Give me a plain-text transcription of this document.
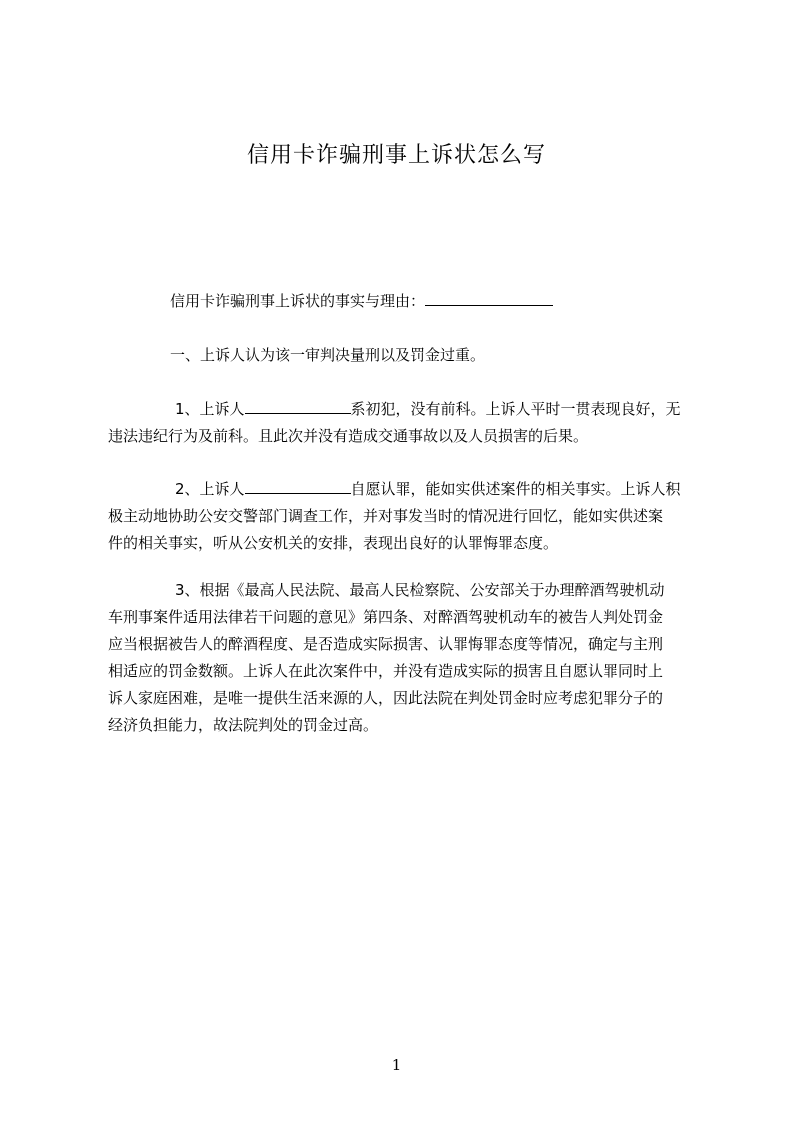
信用卡诈骗刑事上诉状怎么写
信用卡诈骗刑事上诉状的事实与理由：
一、上诉人认为该一审判决量刑以及罚金过重。
1、上诉人	系初犯，没有前科。上诉人平时一贯表现良好，无
违法违纪行为及前科。且此次并没有造成交通事故以及人员损害的后果。
2、上诉人	自愿认罪，能如实供述案件的相关事实。上诉人积
极主动地协助公安交警部门调查工作，并对事发当时的情况进行回忆，能如实供述案
件的相关事实，听从公安机关的安排，表现出良好的认罪悔罪态度。
3、根据《最高人民法院、最高人民检察院、公安部关于办理醉酒驾驶机动
车刑事案件适用法律若干问题的意见》第四条、对醉酒驾驶机动车的被告人判处罚金
应当根据被告人的醉酒程度、是否造成实际损害、认罪悔罪态度等情况，确定与主刑
相适应的罚金数额。上诉人在此次案件中，并没有造成实际的损害且自愿认罪同时上
诉人家庭困难，是唯一提供生活来源的人，因此法院在判处罚金时应考虑犯罪分子的
经济负担能力，故法院判处的罚金过高。
1
